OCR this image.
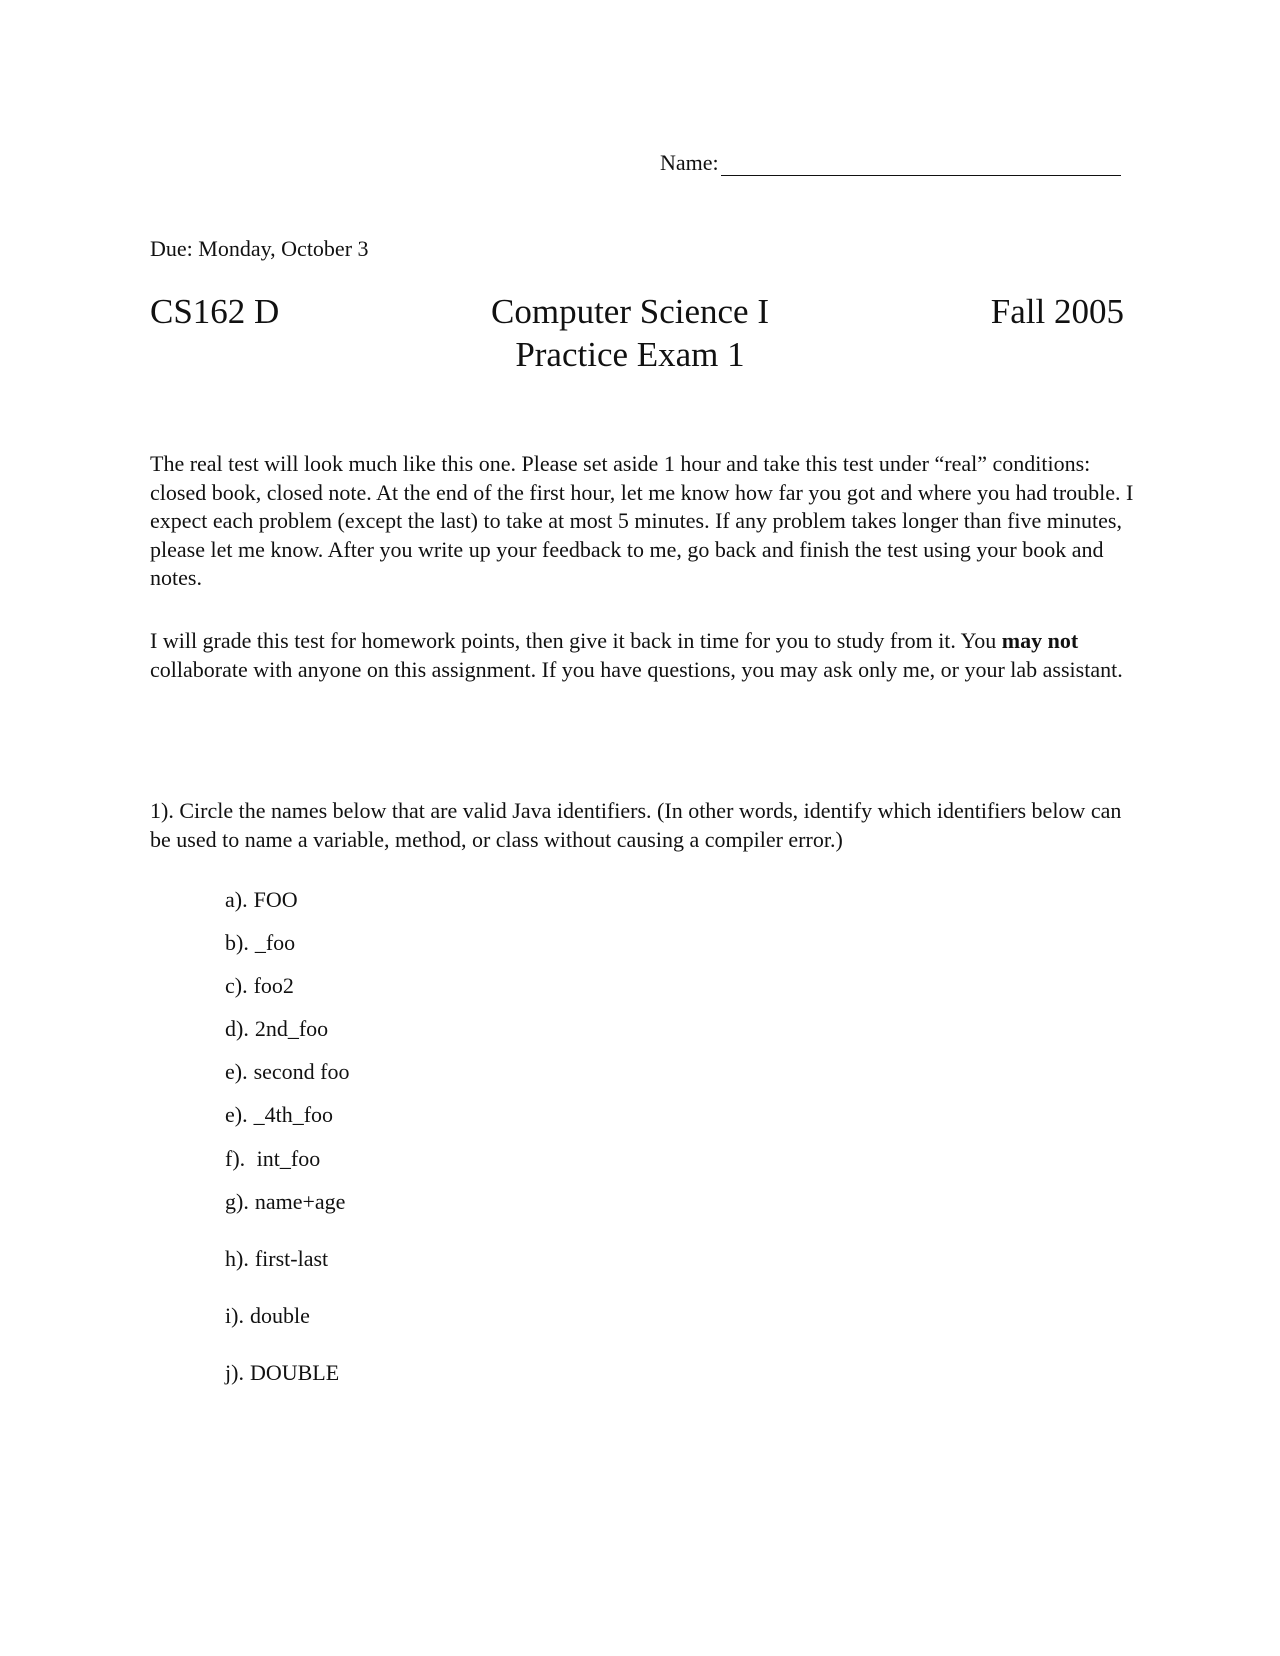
Name:
Due: Monday, October 3
CS162 D	Computer Science I
Practice Exam 1
Fall 2005
The real test will look much like this one. Please set aside 1 hour and take this test under “real” conditions: closed book, closed note. At the end of the first hour, let me know how far you got and where you had trouble. I expect each problem (except the last) to take at most 5 minutes. If any problem takes longer than five minutes, please let me know. After you write up your feedback to me, go back and finish the test using your book and notes.
I will grade this test for homework points, then give it back in time for you to study from it. You may not collaborate with anyone on this assignment. If you have questions, you may ask only me, or your lab assistant.
1). Circle the names below that are valid Java identifiers. (In other words, identify which identifiers below can be used to name a variable, method, or class without causing a compiler error.)
a). FOO
b). _foo
c). foo2
d). 2nd_foo
e). second foo
e). _4th_foo
f). int_foo
g). name+age
h). first-last
i). double
j). DOUBLE
